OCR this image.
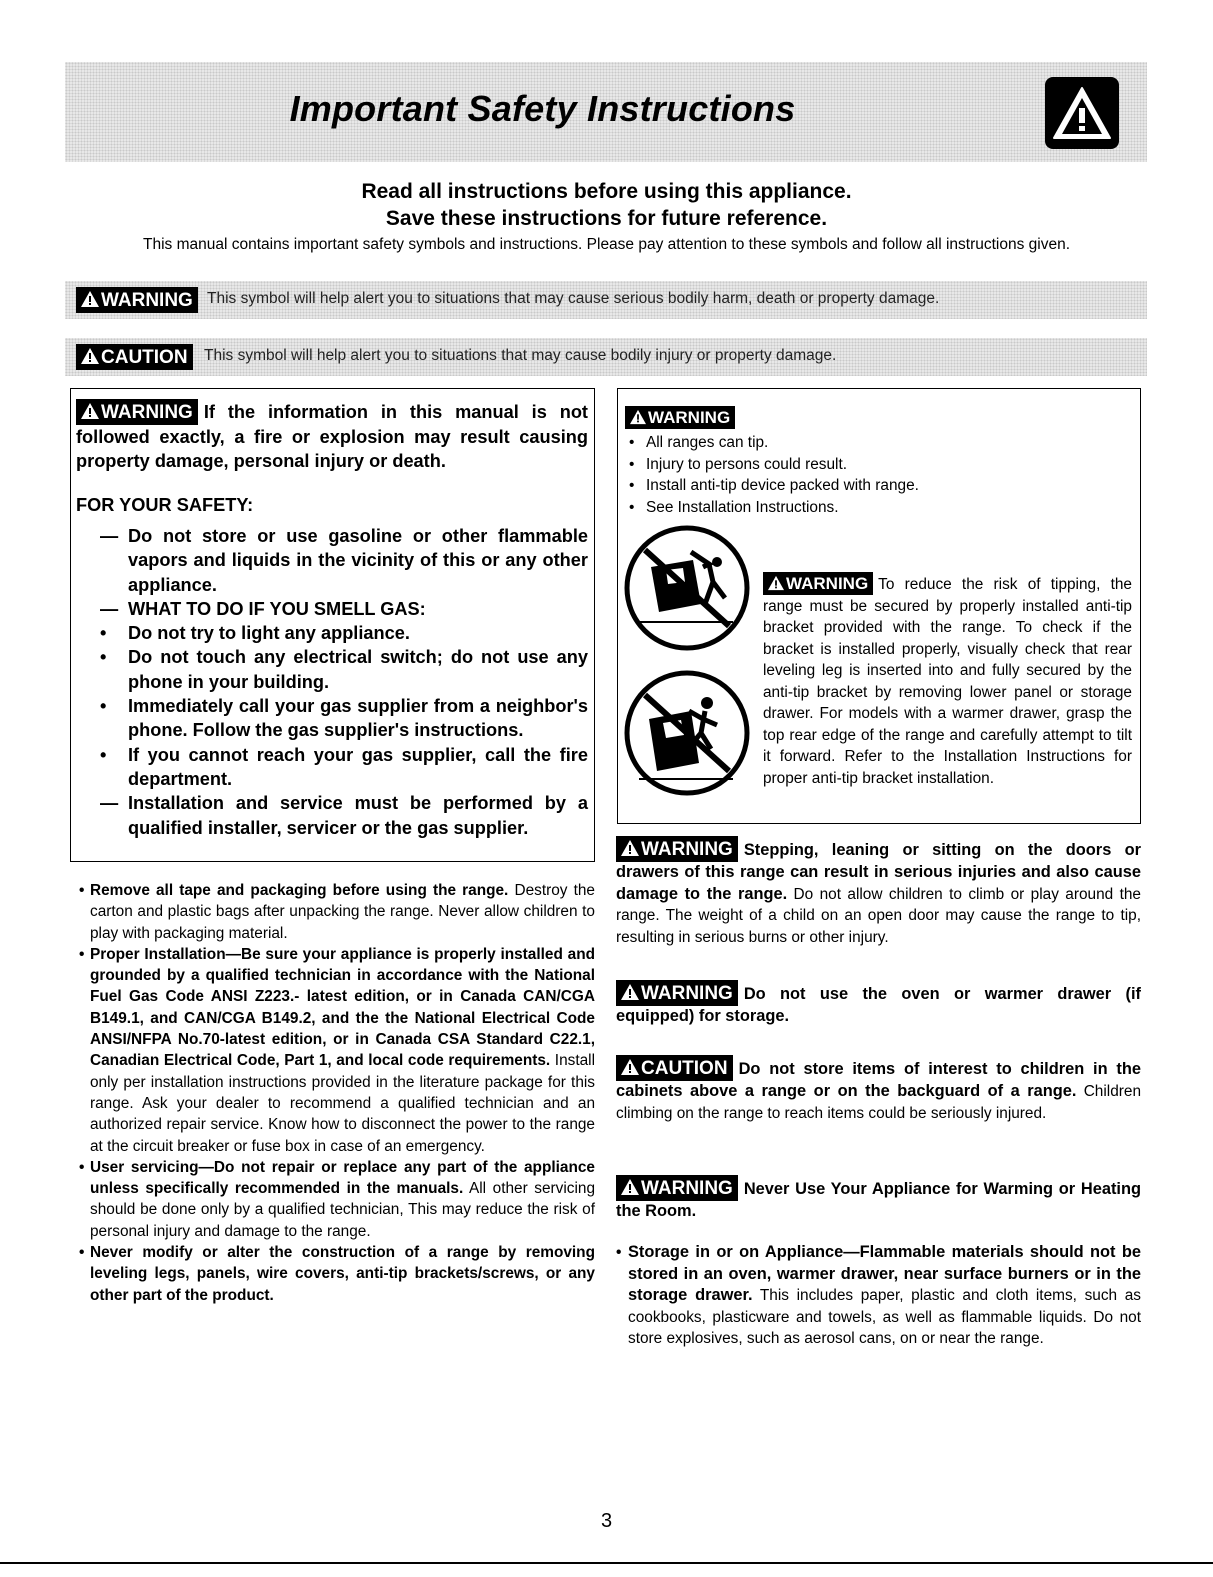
Important Safety Instructions
Read all instructions before using this appliance.
Save these instructions for future reference.
This manual contains important safety symbols and instructions. Please pay attention to these symbols and follow all instructions given.
WARNING This symbol will help alert you to situations that may cause serious bodily harm, death or property damage.
CAUTION	This symbol will help alert you to situations that may cause bodily injury or property damage.
WARNING If the information in this manual is not followed exactly, a fire or explosion may result causing property damage, personal injury or death.
FOR YOUR SAFETY:
— Do not store or use gasoline or other flammable vapors and liquids in the vicinity of this or any other appliance.
— WHAT TO DO IF YOU SMELL GAS:
• Do not try to light any appliance.
• Do not touch any electrical switch; do not use any phone in your building.
• Immediately call your gas supplier from a neighbor's phone. Follow the gas supplier's instructions.
• If you cannot reach your gas supplier, call the fire department.
— Installation and service must be performed by a qualified installer, servicer or the gas supplier.
• Remove all tape and packaging before using the range. Destroy the carton and plastic bags after unpacking the range. Never allow children to play with packaging material.
• Proper Installation—Be sure your appliance is properly installed and grounded by a qualified technician in accordance with the National Fuel Gas Code ANSI Z223.- latest edition, or in Canada CAN/CGA B149.1, and CAN/CGA B149.2, and the the National Electrical Code ANSI/NFPA No.70-latest edition, or in Canada CSA Standard C22.1, Canadian Electrical Code, Part 1, and local code requirements. Install only per installation instructions provided in the literature package for this range. Ask your dealer to recommend a qualified technician and an authorized repair service. Know how to disconnect the power to the range at the circuit breaker or fuse box in case of an emergency.
• User servicing—Do not repair or replace any part of the appliance unless specifically recommended in the manuals. All other servicing should be done only by a qualified technician, This may reduce the risk of personal injury and damage to the range.
• Never modify or alter the construction of a range by removing leveling legs, panels, wire covers, anti-tip brackets/screws, or any other part of the product.
WARNING
• All ranges can tip.
• Injury to persons could result.
• Install anti-tip device packed with range.
• See Installation Instructions.
WARNING To reduce the risk of tipping, the range must be secured by properly installed anti-tip bracket provided with the range. To check if the bracket is installed properly, visually check that rear leveling leg is inserted into and fully secured by the anti-tip bracket by removing lower panel or storage drawer. For models with a warmer drawer, grasp the top rear edge of the range and carefully attempt to tilt it forward. Refer to the Installation Instructions for proper anti-tip bracket installation.
WARNING Stepping, leaning or sitting on the doors or drawers of this range can result in serious injuries and also cause damage to the range. Do not allow children to climb or play around the range. The weight of a child on an open door may cause the range to tip, resulting in serious burns or other injury.
WARNING Do not use the oven or warmer drawer (if equipped) for storage.
CAUTION Do not store items of interest to children in the cabinets above a range or on the backguard of a range. Children climbing on the range to reach items could be seriously injured.
WARNING Never Use Your Appliance for Warming or Heating the Room.
• Storage in or on Appliance—Flammable materials should not be stored in an oven, warmer drawer, near surface burners or in the storage drawer. This includes paper, plastic and cloth items, such as cookbooks, plasticware and towels, as well as flammable liquids. Do not store explosives, such as aerosol cans, on or near the range.
3
